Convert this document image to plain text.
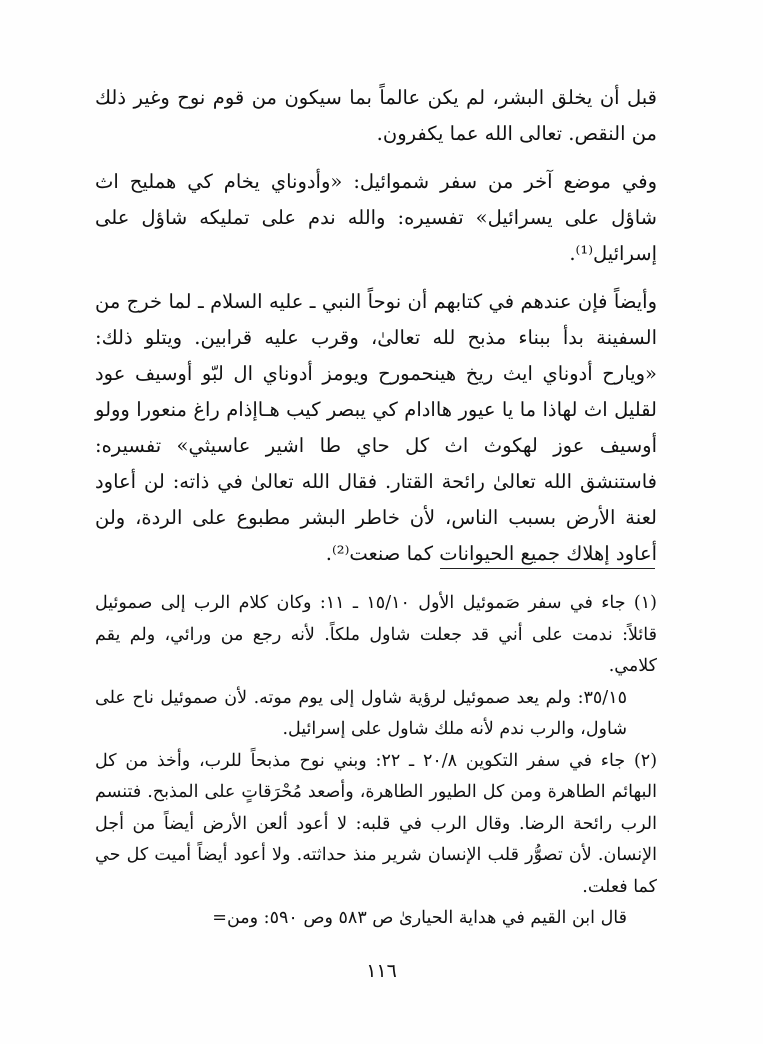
قبل أن يخلق البشر، لم يكن عالماً بما سيكون من قوم نوح وغير ذلك من النقص. تعالى الله عما يكفرون.

وفي موضع آخر من سفر شموائيل: «وأدوناي يخام كي همليح اث شاؤل على يسرائيل» تفسيره: والله ندم على تمليكه شاؤل على إسرائيل⁽¹⁾.

وأيضاً فإن عندهم في كتابهم أن نوحاً النبي ـ عليه السلام ـ لما خرج من السفينة بدأ ببناء مذبح لله تعالىٰ، وقرب عليه قرابين. ويتلو ذلك: «ويارح أدوناي ايث ريخ هينحمورح ويومز أدوناي ال لبّو أوسيف عود لقليل اث لهاذا ما يا عيور هاادام كي يبصر كيب هـاإذام راغ منعورا وولو أوسيف عوز لهكوث اث كل حاي طا اشير عاسيثي» تفسيره: فاستنشق الله تعالىٰ رائحة القتار. فقال الله تعالىٰ في ذاته: لن أعاود لعنة الأرض بسبب الناس، لأن خاطر البشر مطبوع على الردة، ولن أعاود إهلاك جميع الحيوانات كما صنعت⁽²⁾.

(١) جاء في سفر صَموئيل الأول ١٥/١٠ ـ ١١: وكان كلام الرب إلى صموئيل قائلاً: ندمت على أني قد جعلت شاول ملكاً. لأنه رجع من ورائي، ولم يقم كلامي.

٣٥/١٥: ولم يعد صموئيل لرؤية شاول إلى يوم موته. لأن صموئيل ناح على شاول، والرب ندم لأنه ملك شاول على إسرائيل.

(٢) جاء في سفر التكوين ٢٠/٨ ـ ٢٢: وبني نوح مذبحاً للرب، وأخذ من كل البهائم الطاهرة ومن كل الطيور الطاهرة، وأصعد مُحْرَقاتٍ على المذبح. فتنسم الرب رائحة الرضا. وقال الرب في قلبه: لا أعود ألعن الأرض أيضاً من أجل الإنسان. لأن تصوُّر قلب الإنسان شرير منذ حداثته. ولا أعود أيضاً أميت كل حي كما فعلت.

قال ابن القيم في هداية الحيارىٰ ص ٥٨٣ وص ٥٩٠: ومن=

١١٦
